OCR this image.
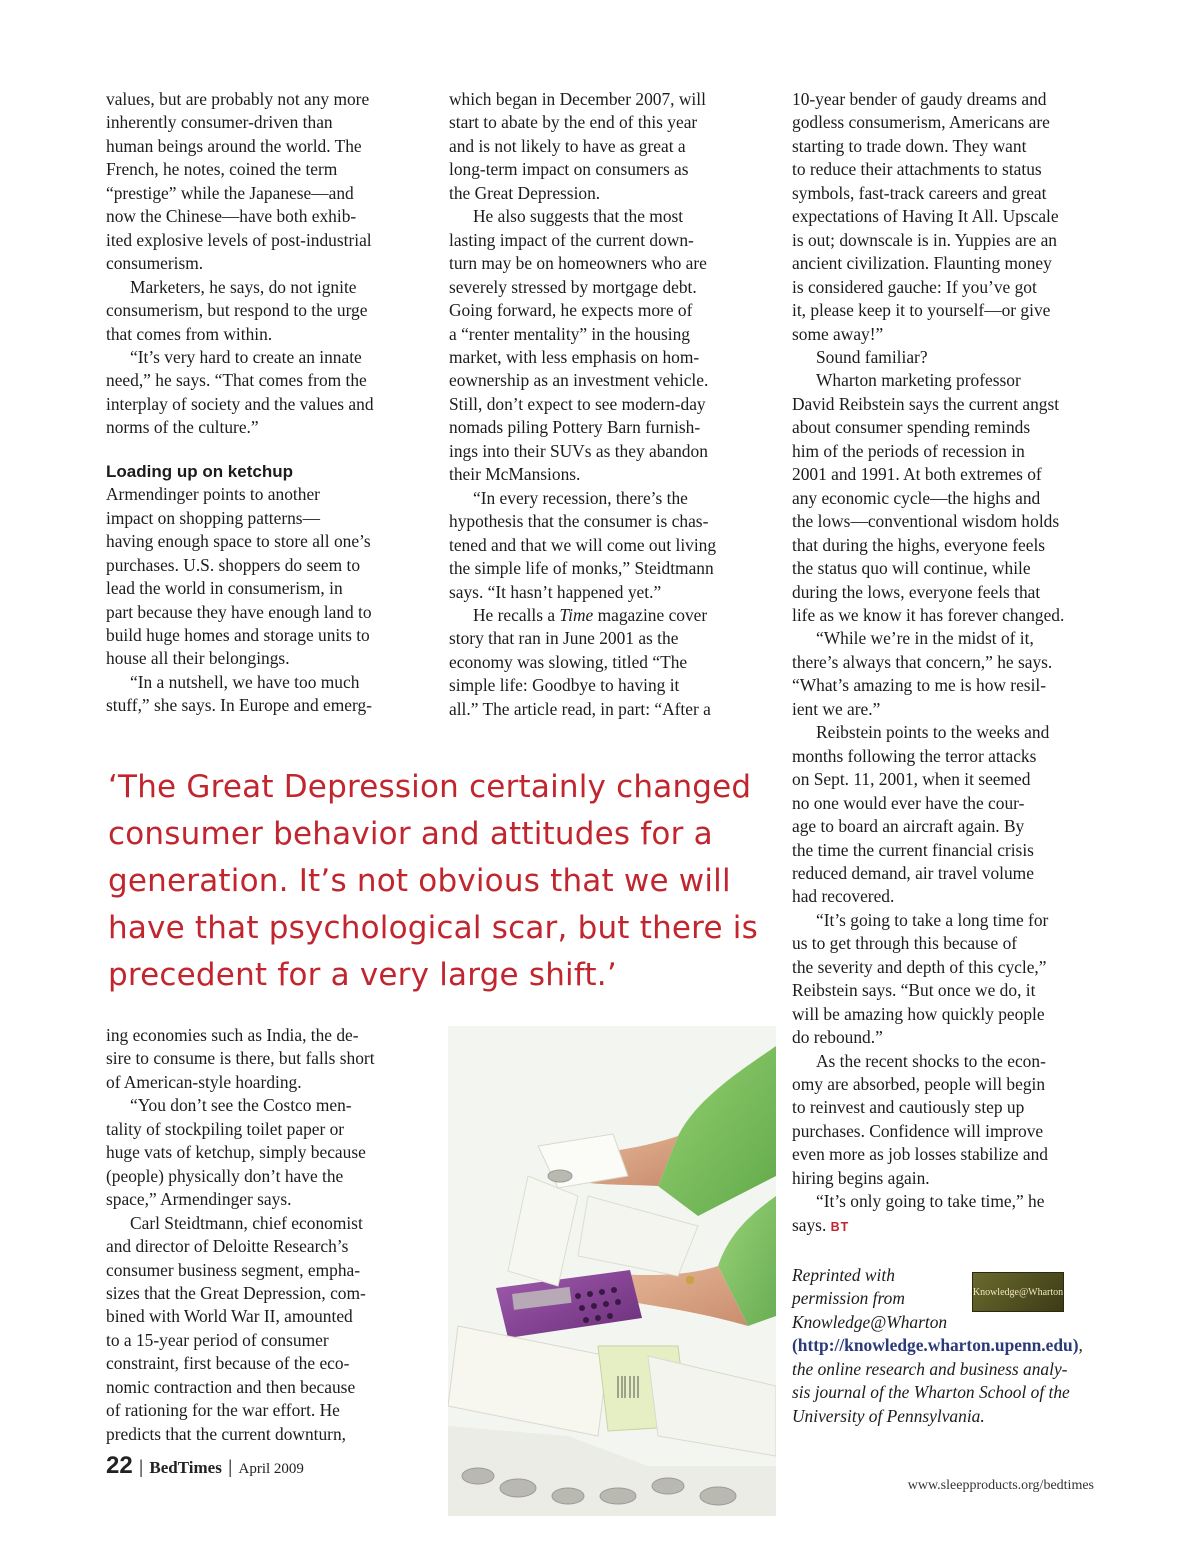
values, but are probably not any more

inherently consumer-driven than

human beings around the world. The

French, he notes, coined the term

“prestige” while the Japanese—and

now the Chinese—have both exhib-

ited explosive levels of post-industrial

consumerism.

Marketers, he says, do not ignite

consumerism, but respond to the urge

that comes from within.

“It’s very hard to create an innate

need,” he says. “That comes from the

interplay of society and the values and

norms of the culture.”

Loading up on ketchup

Armendinger points to another

impact on shopping patterns—

having enough space to store all one’s

purchases. U.S. shoppers do seem to

lead the world in consumerism, in

part because they have enough land to

build huge homes and storage units to

house all their belongings.

“In a nutshell, we have too much

stuff,” she says. In Europe and emerg-

which began in December 2007, will

start to abate by the end of this year

and is not likely to have as great a

long-term impact on consumers as

the Great Depression.

He also suggests that the most

lasting impact of the current down-

turn may be on homeowners who are

severely stressed by mortgage debt.

Going forward, he expects more of

a “renter mentality” in the housing

market, with less emphasis on hom-

eownership as an investment vehicle.

Still, don’t expect to see modern-day

nomads piling Pottery Barn furnish-

ings into their SUVs as they abandon

their McMansions.

“In every recession, there’s the

hypothesis that the consumer is chas-

tened and that we will come out living

the simple life of monks,” Steidtmann

says. “It hasn’t happened yet.”

He recalls a Time magazine cover

story that ran in June 2001 as the

economy was slowing, titled “The

simple life: Goodbye to having it

all.” The article read, in part: “After a

10-year bender of gaudy dreams and

godless consumerism, Americans are

starting to trade down. They want

to reduce their attachments to status

symbols, fast-track careers and great

expectations of Having It All. Upscale

is out; downscale is in. Yuppies are an

ancient civilization. Flaunting money

is considered gauche: If you’ve got

it, please keep it to yourself—or give

some away!”

Sound familiar?

Wharton marketing professor

David Reibstein says the current angst

about consumer spending reminds

him of the periods of recession in

2001 and 1991. At both extremes of

any economic cycle—the highs and

the lows—conventional wisdom holds

that during the highs, everyone feels

the status quo will continue, while

during the lows, everyone feels that

life as we know it has forever changed.

“While we’re in the midst of it,

there’s always that concern,” he says.

“What’s amazing to me is how resil-

ient we are.”

Reibstein points to the weeks and

months following the terror attacks

on Sept. 11, 2001, when it seemed

no one would ever have the cour-

age to board an aircraft again. By

the time the current financial crisis

reduced demand, air travel volume

had recovered.

“It’s going to take a long time for

us to get through this because of

the severity and depth of this cycle,”

Reibstein says. “But once we do, it

will be amazing how quickly people

do rebound.”

As the recent shocks to the econ-

omy are absorbed, people will begin

to reinvest and cautiously step up

purchases. Confidence will improve

even more as job losses stabilize and

hiring begins again.

“It’s only going to take time,” he

says. BT

‘The Great Depression certainly changed
consumer behavior and attitudes for a
generation. It’s not obvious that we will
have that psychological scar, but there is
precedent for a very large shift.’

ing economies such as India, the de-

sire to consume is there, but falls short

of American-style hoarding.

“You don’t see the Costco men-

tality of stockpiling toilet paper or

huge vats of ketchup, simply because

(people) physically don’t have the

space,” Armendinger says.

Carl Steidtmann, chief economist

and director of Deloitte Research’s

consumer business segment, empha-

sizes that the Great Depression, com-

bined with World War II, amounted

to a 15-year period of consumer

constraint, first because of the eco-

nomic contraction and then because

of rationing for the war effort. He

predicts that the current downturn,

Reprinted with
permission from
Knowledge@Wharton
(http://knowledge.wharton.upenn.edu),
the online research and business analy-
sis journal of the Wharton School of the
University of Pennsylvania.
Knowledge@Wharton
22 | BedTimes | April 2009
www.sleepproducts.org/bedtimes
